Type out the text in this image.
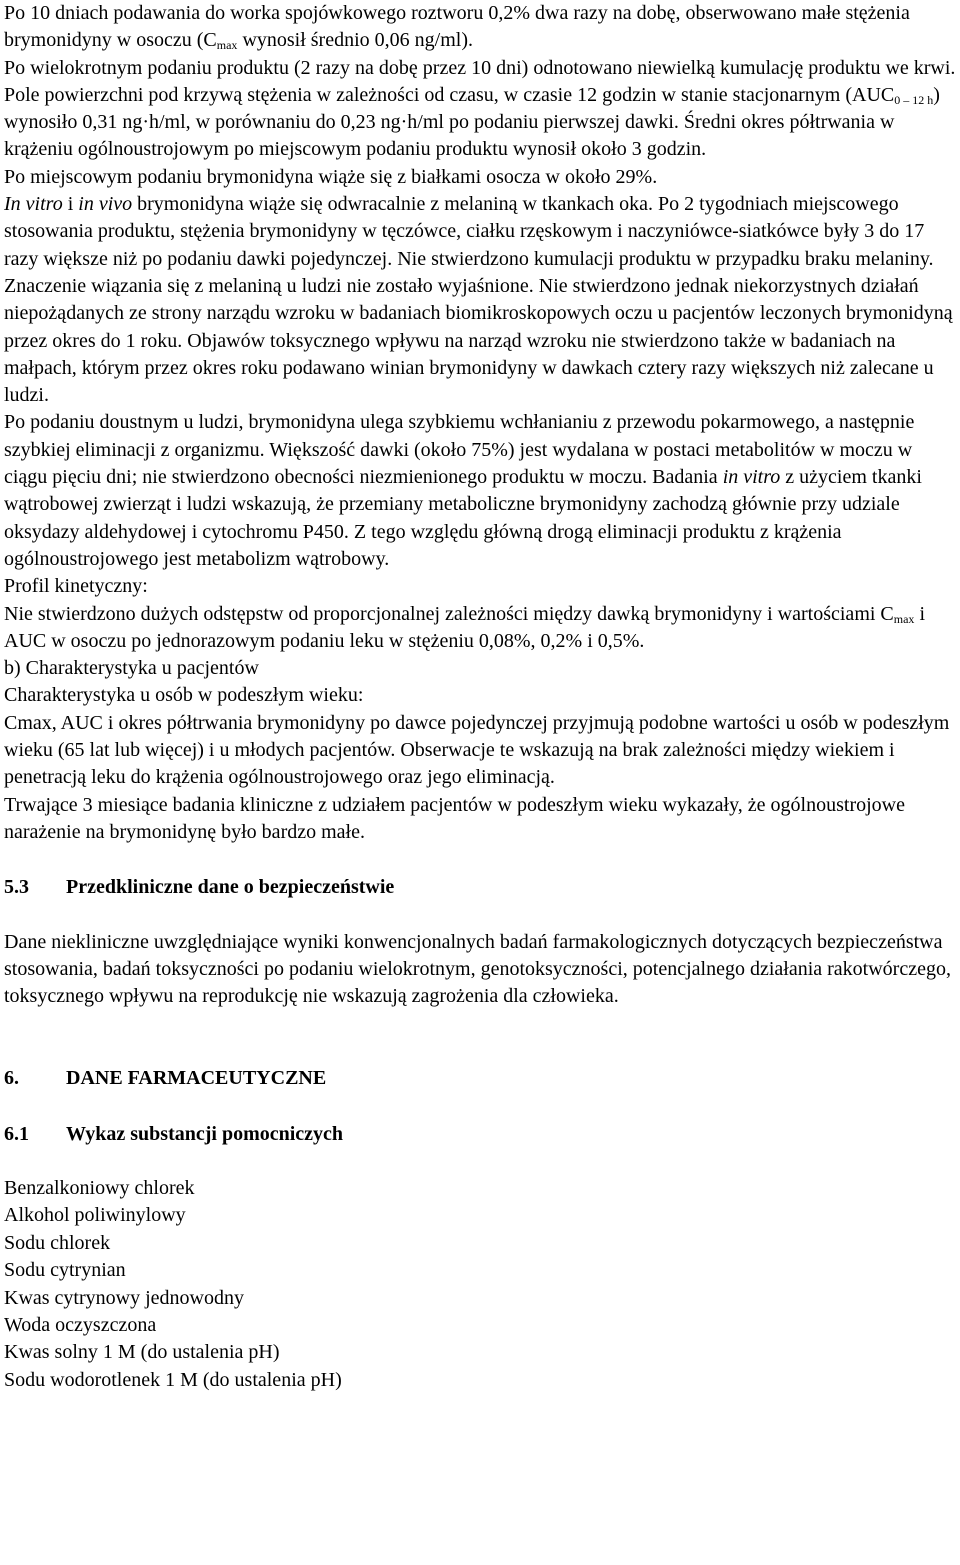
Po 10 dniach podawania do worka spojówkowego roztworu 0,2% dwa razy na dobę, obserwowano małe stężenia brymonidyny w osoczu ($C_{max}$ wynosił średnio 0,06 ng/ml).

Po wielokrotnym podaniu produktu (2 razy na dobę przez 10 dni) odnotowano niewielką kumulację produktu we krwi. Pole powierzchni pod krzywą stężenia w zależności od czasu, w czasie 12 godzin w stanie stacjonarnym $(AUC_{0 - 12 h})$ wynosiło 0,31 ng·h/ml, w porównaniu do 0,23 ng·h/ml po podaniu pierwszej dawki. Średni okres półtrwania w krążeniu ogólnoustrojowym po miejscowym podaniu produktu wynosił około 3 godzin.

Po miejscowym podaniu brymonidyna wiąże się z białkami osocza w około 29%.

In vitro i in vivo brymonidyna wiąże się odwracalnie z melaniną w tkankach oka. Po 2 tygodniach miejscowego stosowania produktu, stężenia brymonidyny w tęczówce, ciałku rzęskowym i naczyniówce-siatkówce były 3 do 17 razy większe niż po podaniu dawki pojedynczej. Nie stwierdzono kumulacji produktu w przypadku braku melaniny.

Znaczenie wiązania się z melaniną u ludzi nie zostało wyjaśnione. Nie stwierdzono jednak niekorzystnych działań niepożądanych ze strony narządu wzroku w badaniach biomikroskopowych oczu u pacjentów leczonych brymonidyną przez okres do 1 roku. Objawów toksycznego wpływu na narząd wzroku nie stwierdzono także w badaniach na małpach, którym przez okres roku podawano winian brymonidyny w dawkach cztery razy większych niż zalecane u ludzi.

Po podaniu doustnym u ludzi, brymonidyna ulega szybkiemu wchłanianiu z przewodu pokarmowego, a następnie szybkiej eliminacji z organizmu. Większość dawki (około 75%) jest wydalana w postaci metabolitów w moczu w ciągu pięciu dni; nie stwierdzono obecności niezmienionego produktu w moczu. Badania in vitro z użyciem tkanki wątrobowej zwierząt i ludzi wskazują, że przemiany metaboliczne brymonidyny zachodzą głównie przy udziale oksydazy aldehydowej i cytochromu P450. Z tego względu główną drogą eliminacji produktu z krążenia ogólnoustrojowego jest metabolizm wątrobowy.

Profil kinetyczny:

Nie stwierdzono dużych odstępstw od proporcjonalnej zależności między dawką brymonidyny i wartościami $C_{max}$ i AUC w osoczu po jednorazowym podaniu leku w stężeniu 0,08%, 0,2% i 0,5%.

b) Charakterystyka u pacjentów

Charakterystyka u osób w podeszłym wieku:

Cmax, AUC i okres półtrwania brymonidyny po dawce pojedynczej przyjmują podobne wartości u osób w podeszłym wieku (65 lat lub więcej) i u młodych pacjentów. Obserwacje te wskazują na brak zależności między wiekiem i penetracją leku do krążenia ogólnoustrojowego oraz jego eliminacją.

Trwające 3 miesiące badania kliniczne z udziałem pacjentów w podeszłym wieku wykazały, że ogólnoustrojowe narażenie na brymonidynę było bardzo małe.

5.3 Przedkliniczne dane o bezpieczeństwie

Dane niekliniczne uwzględniające wyniki konwencjonalnych badań farmakologicznych dotyczących bezpieczeństwa stosowania, badań toksyczności po podaniu wielokrotnym, genotoksyczności, potencjalnego działania rakotwórczego, toksycznego wpływu na reprodukcję nie wskazują zagrożenia dla człowieka.

6. DANE FARMACEUTYCZNE

6.1 Wykaz substancji pomocniczych

Benzalkoniowy chlorek

Alkohol poliwinylowy

Sodu chlorek

Sodu cytrynian

Kwas cytrynowy jednowodny

Woda oczyszczona

Kwas solny 1 M (do ustalenia pH)

Sodu wodorotlenek 1 M (do ustalenia pH)
